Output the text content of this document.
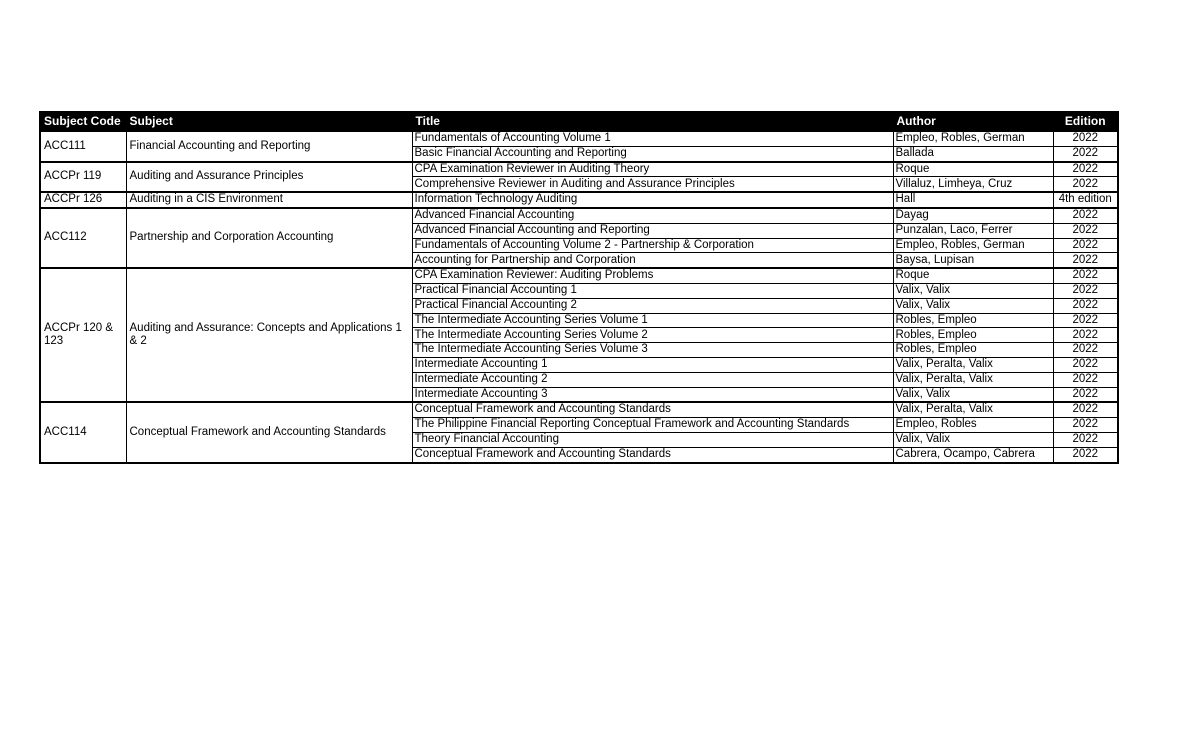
Subject Code	Subject	Title	Author	Edition
ACC111	Financial Accounting and Reporting	Fundamentals of Accounting Volume 1	Empleo, Robles, German	2022
		Basic Financial Accounting and Reporting	Ballada	2022
ACCPr 119	Auditing and Assurance Principles	CPA Examination Reviewer in Auditing Theory	Roque	2022
		Comprehensive Reviewer in Auditing and Assurance Principles	Villaluz, Limheya, Cruz	2022
ACCPr 126	Auditing in a CIS Environment	Information Technology Auditing	Hall	4th edition
ACC112	Partnership and Corporation Accounting	Advanced Financial Accounting	Dayag	2022
		Advanced Financial Accounting and Reporting	Punzalan, Laco, Ferrer	2022
		Fundamentals of Accounting Volume 2 - Partnership & Corporation	Empleo, Robles, German	2022
		Accounting for Partnership and Corporation	Baysa, Lupisan	2022
ACCPr 120 & 123	Auditing and Assurance: Concepts and Applications 1 & 2	CPA Examination Reviewer: Auditing Problems	Roque	2022
		Practical Financial Accounting 1	Valix, Valix	2022
		Practical Financial Accounting 2	Valix, Valix	2022
		The Intermediate Accounting Series Volume 1	Robles, Empleo	2022
		The Intermediate Accounting Series Volume 2	Robles, Empleo	2022
		The Intermediate Accounting Series Volume 3	Robles, Empleo	2022
		Intermediate Accounting 1	Valix, Peralta, Valix	2022
		Intermediate Accounting 2	Valix, Peralta, Valix	2022
		Intermediate Accounting 3	Valix, Valix	2022
ACC114	Conceptual Framework and Accounting Standards	Conceptual Framework and Accounting Standards	Valix, Peralta, Valix	2022
		The Philippine Financial Reporting Conceptual Framework and Accounting Standards	Empleo, Robles	2022
		Theory Financial Accounting	Valix, Valix	2022
		Conceptual Framework and Accounting Standards	Cabrera, Ocampo, Cabrera	2022
